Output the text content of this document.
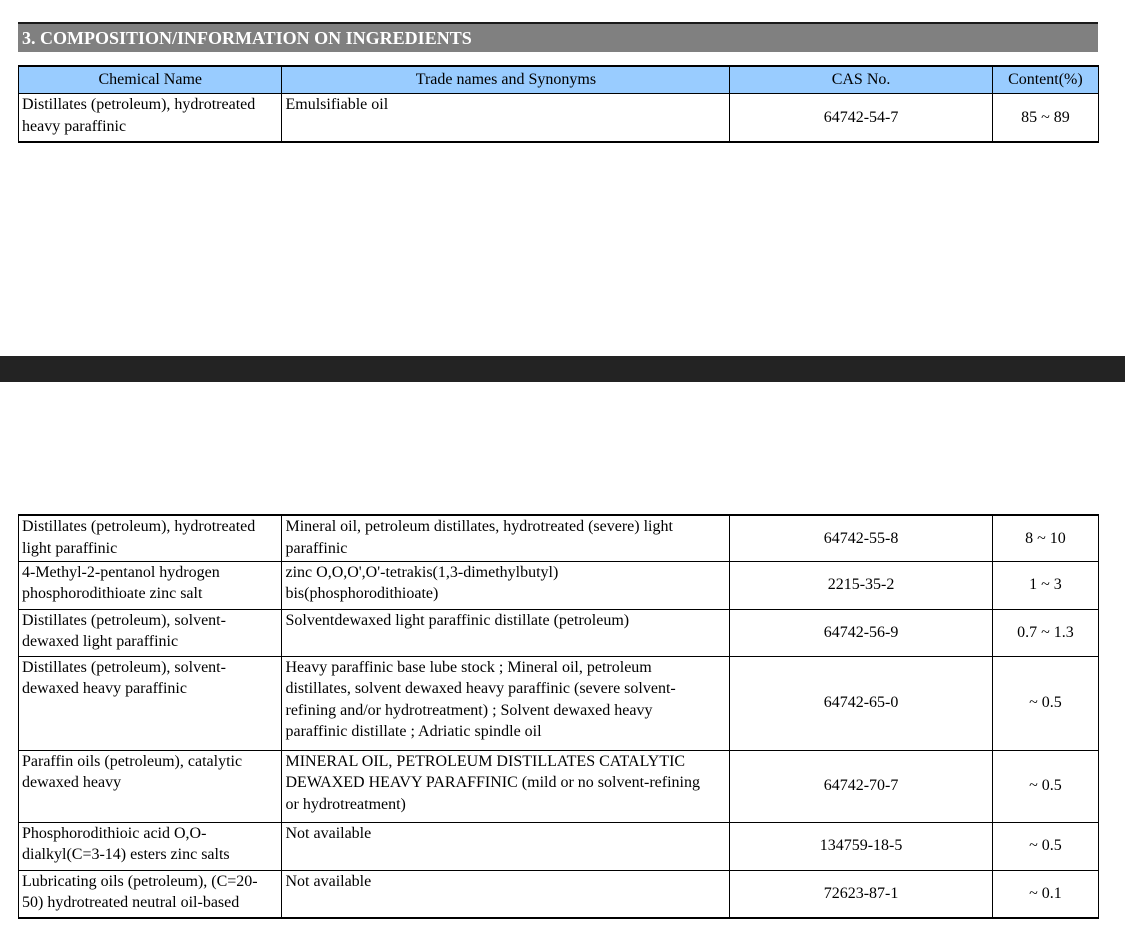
3. COMPOSITION/INFORMATION ON INGREDIENTS
Chemical Name	Trade names and Synonyms	CAS No.	Content(%)
Distillates (petroleum), hydrotreated
heavy paraffinic	Emulsifiable oil	64742-54-7	85 ~ 89
Distillates (petroleum), hydrotreated
light paraffinic	Mineral oil, petroleum distillates, hydrotreated (severe) light
paraffinic	64742-55-8	8 ~ 10
4-Methyl-2-pentanol hydrogen
phosphorodithioate zinc salt	zinc O,O,O',O'-tetrakis(1,3-dimethylbutyl)
bis(phosphorodithioate)	2215-35-2	1 ~ 3
Distillates (petroleum), solvent-
dewaxed light paraffinic	Solventdewaxed light paraffinic distillate (petroleum)	64742-56-9	0.7 ~ 1.3
Distillates (petroleum), solvent-
dewaxed heavy paraffinic	Heavy paraffinic base lube stock ; Mineral oil, petroleum
distillates, solvent dewaxed heavy paraffinic (severe solvent-
refining and/or hydrotreatment) ; Solvent dewaxed heavy
paraffinic distillate ; Adriatic spindle oil	64742-65-0	~ 0.5
Paraffin oils (petroleum), catalytic
dewaxed heavy	MINERAL OIL, PETROLEUM DISTILLATES CATALYTIC
DEWAXED HEAVY PARAFFINIC (mild or no solvent-refining
or hydrotreatment)	64742-70-7	~ 0.5
Phosphorodithioic acid O,O-
dialkyl(C=3-14) esters zinc salts	Not available	134759-18-5	~ 0.5
Lubricating oils (petroleum), (C=20-
50) hydrotreated neutral oil-based	Not available	72623-87-1	~ 0.1
